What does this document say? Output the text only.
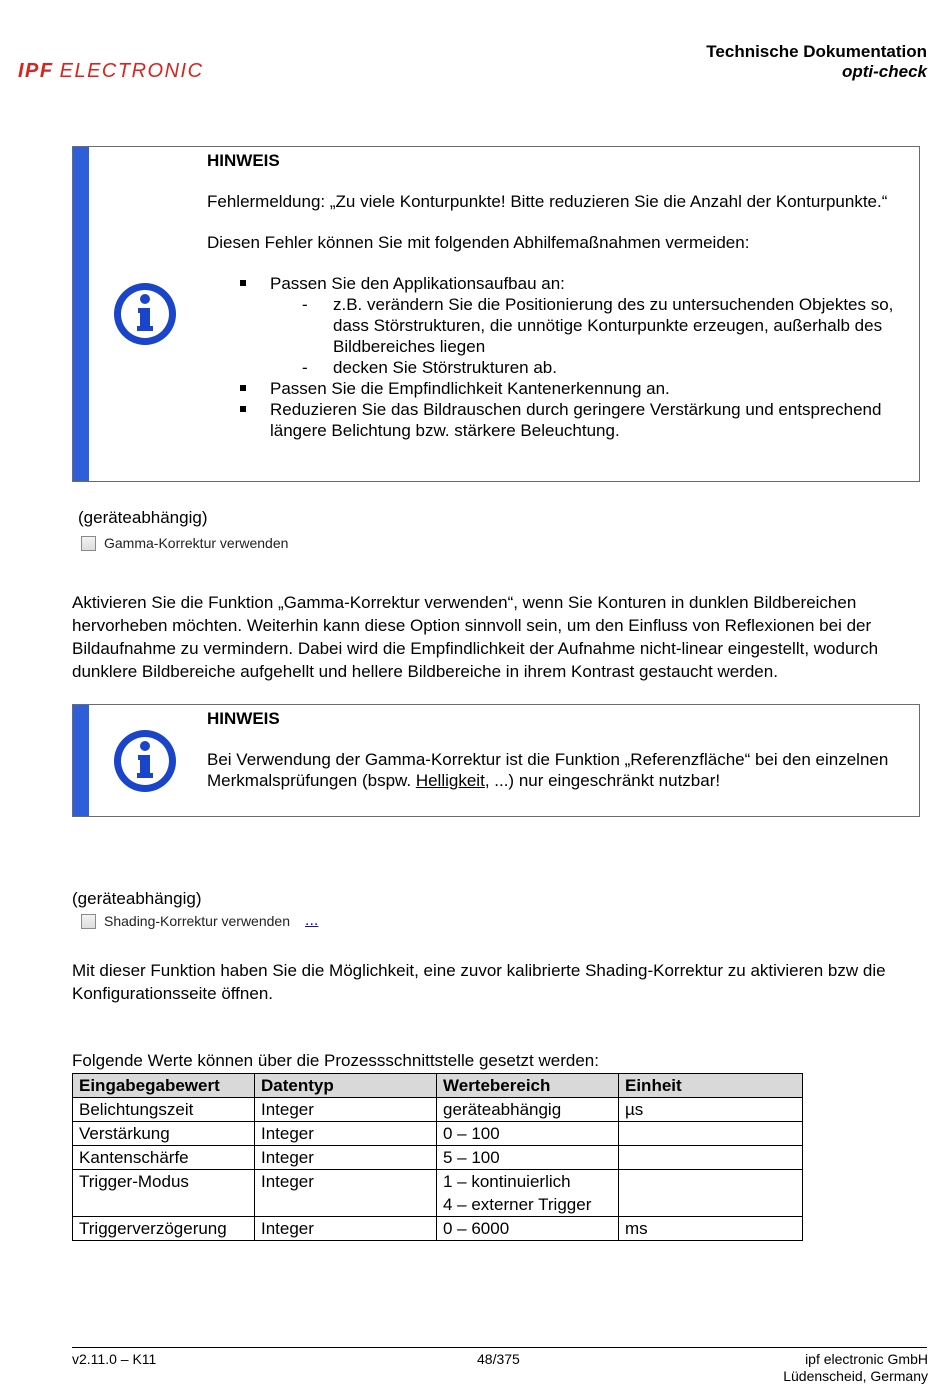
IPF ELECTRONIC
Technische Dokumentation
opti-check
HINWEIS

Fehlermeldung: „Zu viele Konturpunkte! Bitte reduzieren Sie die Anzahl der Konturpunkte.“

Diesen Fehler können Sie mit folgenden Abhilfemaßnahmen vermeiden:

Passen Sie den Applikationsaufbau an:
- z.B. verändern Sie die Positionierung des zu untersuchenden Objektes so, dass Störstrukturen, die unnötige Konturpunkte erzeugen, außerhalb des Bildbereiches liegen
- decken Sie Störstrukturen ab.
Passen Sie die Empfindlichkeit Kantenerkennung an.
Reduzieren Sie das Bildrauschen durch geringere Verstärkung und entsprechend längere Belichtung bzw. stärkere Beleuchtung.
(geräteabhängig)
Gamma-Korrektur verwenden
Aktivieren Sie die Funktion „Gamma-Korrektur verwenden“, wenn Sie Konturen in dunklen Bildbereichen hervorheben möchten. Weiterhin kann diese Option sinnvoll sein, um den Einfluss von Reflexionen bei der Bildaufnahme zu vermindern. Dabei wird die Empfindlichkeit der Aufnahme nicht-linear eingestellt, wodurch dunklere Bildbereiche aufgehellt und hellere Bildbereiche in ihrem Kontrast gestaucht werden.
HINWEIS

Bei Verwendung der Gamma-Korrektur ist die Funktion „Referenzfläche“ bei den einzelnen Merkmalsprüfungen (bspw. Helligkeit, ...) nur eingeschränkt nutzbar!

(geräteabhängig)
Shading-Korrektur verwenden ...
Mit dieser Funktion haben Sie die Möglichkeit, eine zuvor kalibrierte Shading-Korrektur zu aktivieren bzw die Konfigurationsseite öffnen.
Folgende Werte können über die Prozessschnittstelle gesetzt werden:
Eingabegabewert	Datentyp	Wertebereich	Einheit
Belichtungszeit	Integer	geräteabhängig	µs
Verstärkung	Integer	0 – 100	
Kantenschärfe	Integer	5 – 100	
Trigger-Modus	Integer	1 – kontinuierlich
4 – externer Trigger	

Triggerverzögerung	Integer	0 – 6000	ms
v2.11.0 – K11	48/375	ipf electronic GmbH
Lüdenscheid, Germany
